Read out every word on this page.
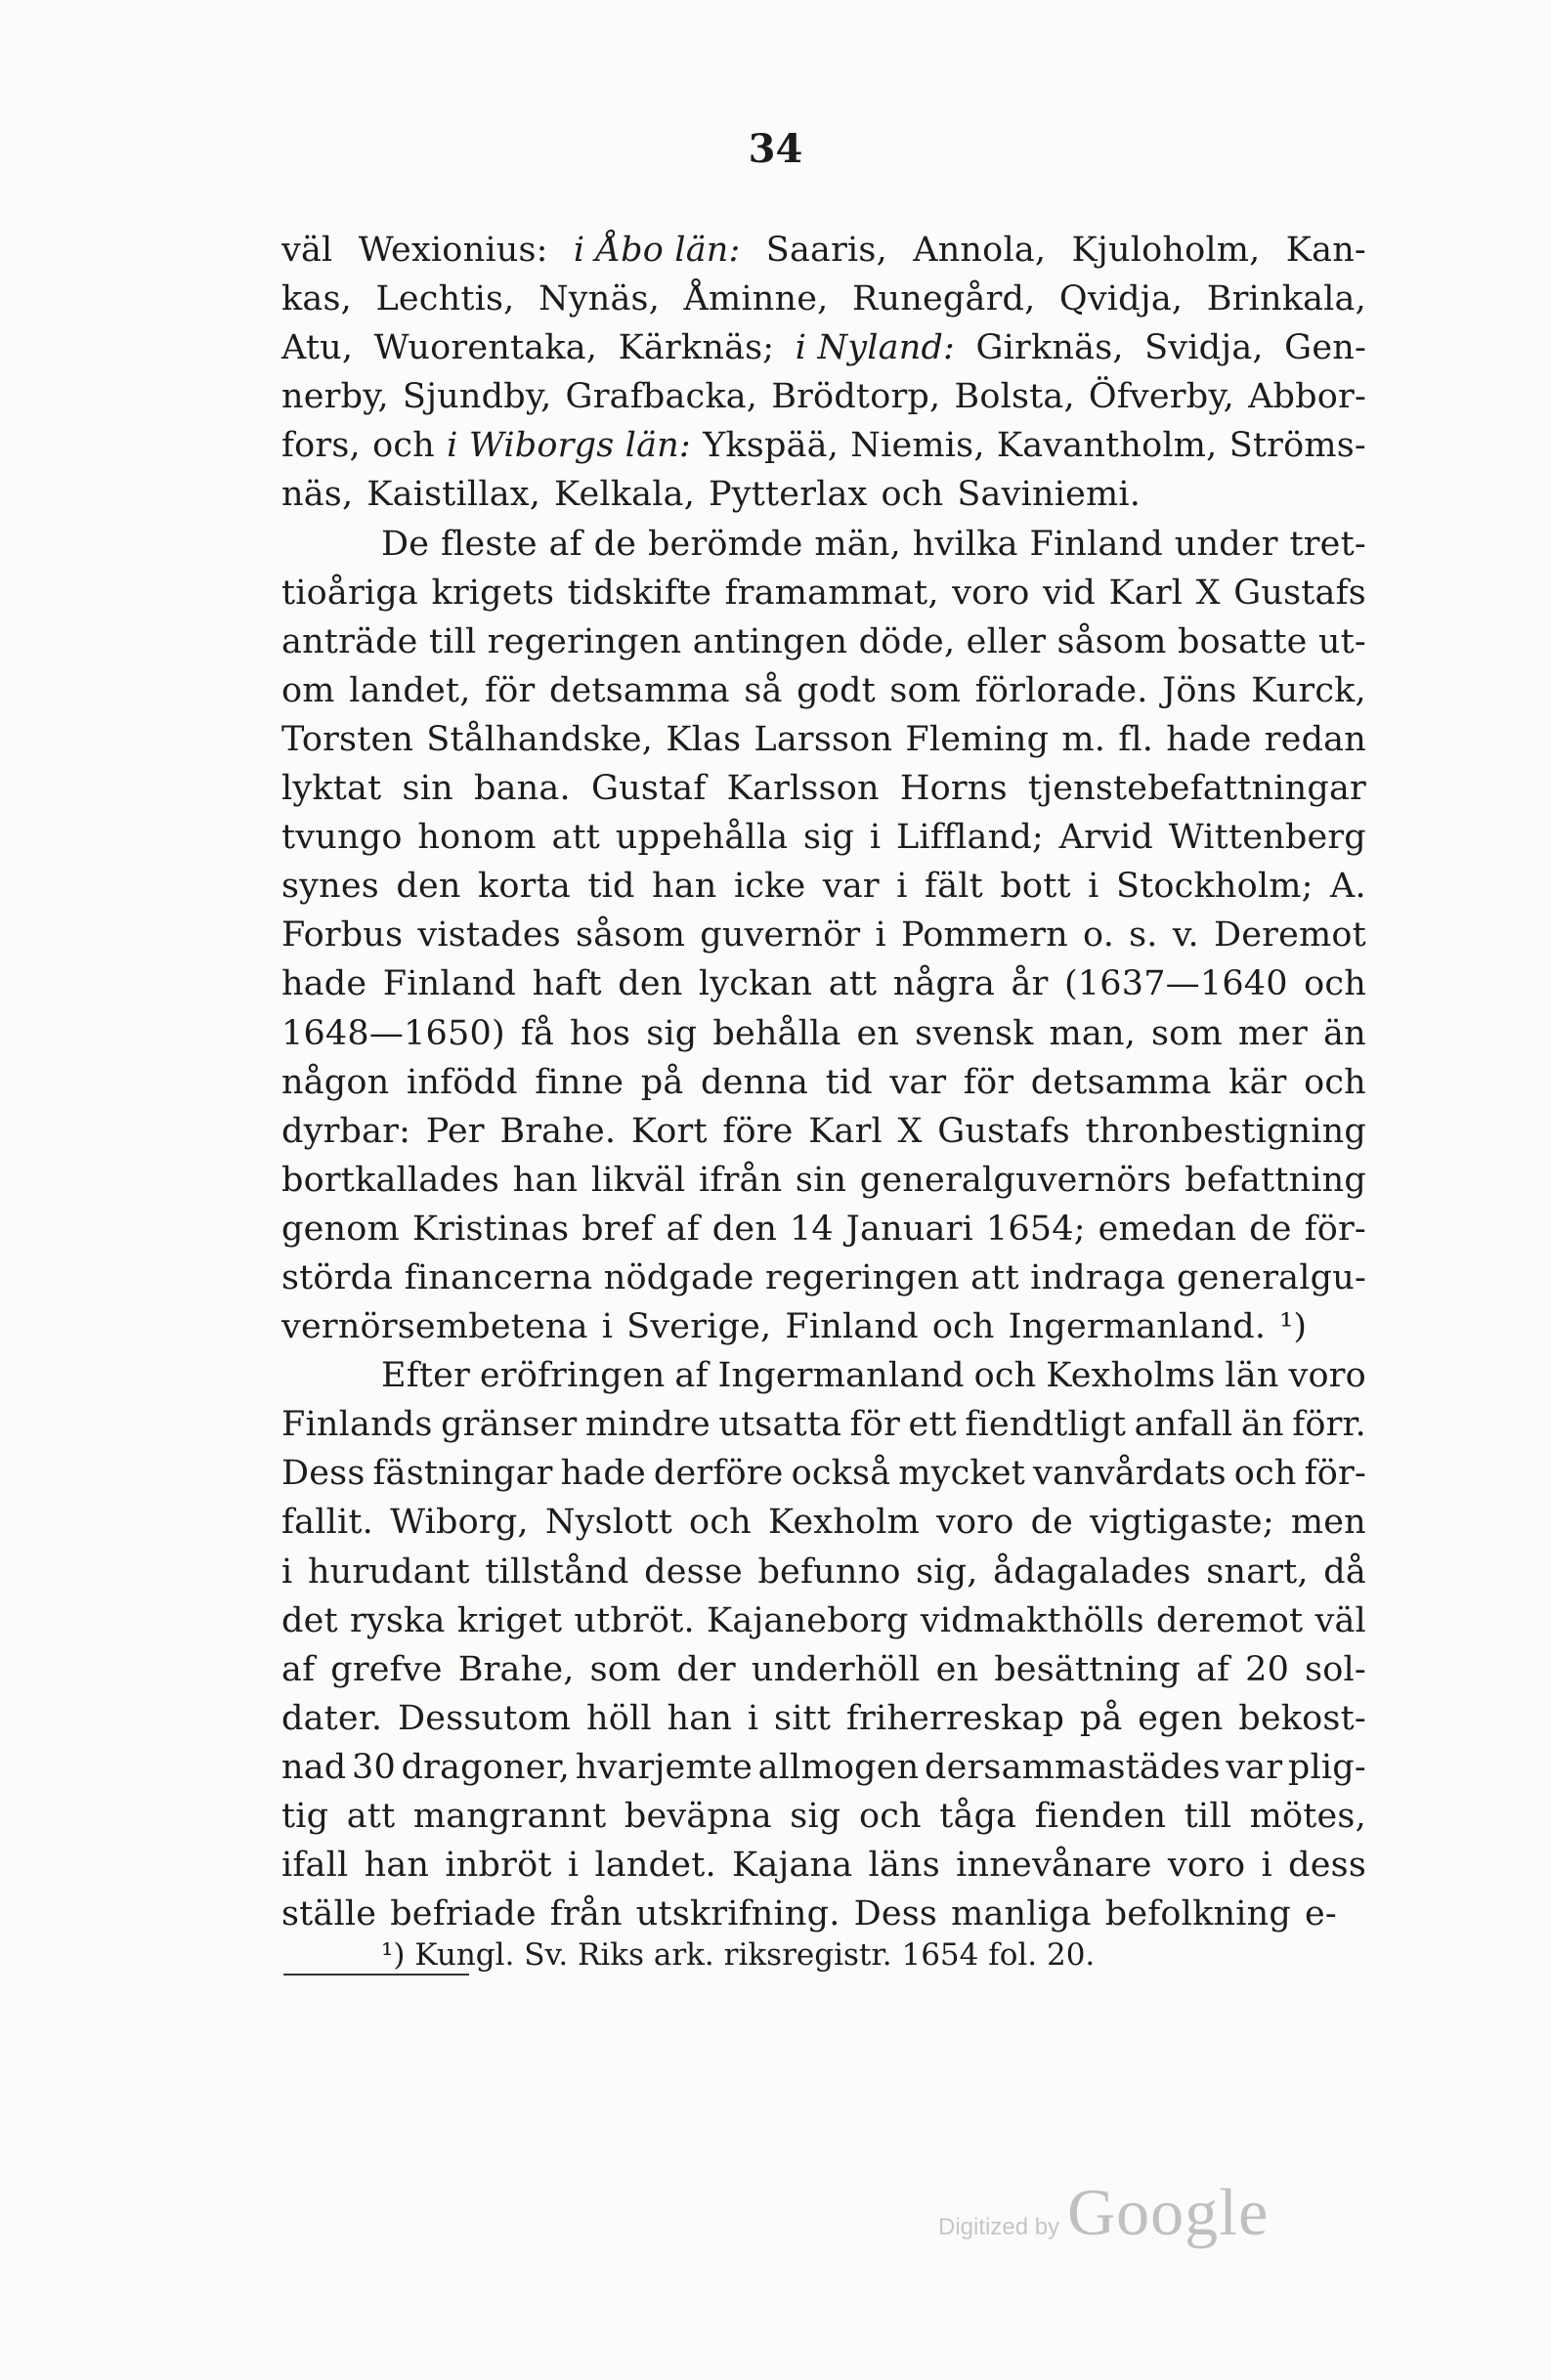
34
väl Wexionius: i Åbo län: Saaris, Annola, Kjuloholm, Kan-
kas, Lechtis, Nynäs, Åminne, Runegård, Qvidja, Brinkala,
Atu, Wuorentaka, Kärknäs; i Nyland: Girknäs, Svidja, Gen-
nerby, Sjundby, Grafbacka, Brödtorp, Bolsta, Öfverby, Abbor-
fors, och i Wiborgs län: Ykspää, Niemis, Kavantholm, Ströms-
näs, Kaistillax, Kelkala, Pytterlax och Saviniemi.
De fleste af de berömde män, hvilka Finland under tret-
tioåriga krigets tidskifte framammat, voro vid Karl X Gustafs
anträde till regeringen antingen döde, eller såsom bosatte ut-
om landet, för detsamma så godt som förlorade. Jöns Kurck,
Torsten Stålhandske, Klas Larsson Fleming m. fl. hade redan
lyktat sin bana. Gustaf Karlsson Horns tjenstebefattningar
tvungo honom att uppehålla sig i Liffland; Arvid Wittenberg
synes den korta tid han icke var i fält bott i Stockholm; A.
Forbus vistades såsom guvernör i Pommern o. s. v. Deremot
hade Finland haft den lyckan att några år (1637—1640 och
1648—1650) få hos sig behålla en svensk man, som mer än
någon infödd finne på denna tid var för detsamma kär och
dyrbar: Per Brahe. Kort före Karl X Gustafs thronbestigning
bortkallades han likväl ifrån sin generalguvernörs befattning
genom Kristinas bref af den 14 Januari 1654; emedan de för-
störda financerna nödgade regeringen att indraga generalgu-
vernörsembetena i Sverige, Finland och Ingermanland. ¹)
Efter eröfringen af Ingermanland och Kexholms län voro
Finlands gränser mindre utsatta för ett fiendtligt anfall än förr.
Dess fästningar hade derföre också mycket vanvårdats och för-
fallit. Wiborg, Nyslott och Kexholm voro de vigtigaste; men
i hurudant tillstånd desse befunno sig, ådagalades snart, då
det ryska kriget utbröt. Kajaneborg vidmakthölls deremot väl
af grefve Brahe, som der underhöll en besättning af 20 sol-
dater. Dessutom höll han i sitt friherreskap på egen bekost-
nad 30 dragoner, hvarjemte allmogen dersammastädes var plig-
tig att mangrannt beväpna sig och tåga fienden till mötes,
ifall han inbröt i landet. Kajana läns innevånare voro i dess
ställe befriade från utskrifning. Dess manliga befolkning e-
¹) Kungl. Sv. Riks ark. riksregistr. 1654 fol. 20.
Digitized by Google
